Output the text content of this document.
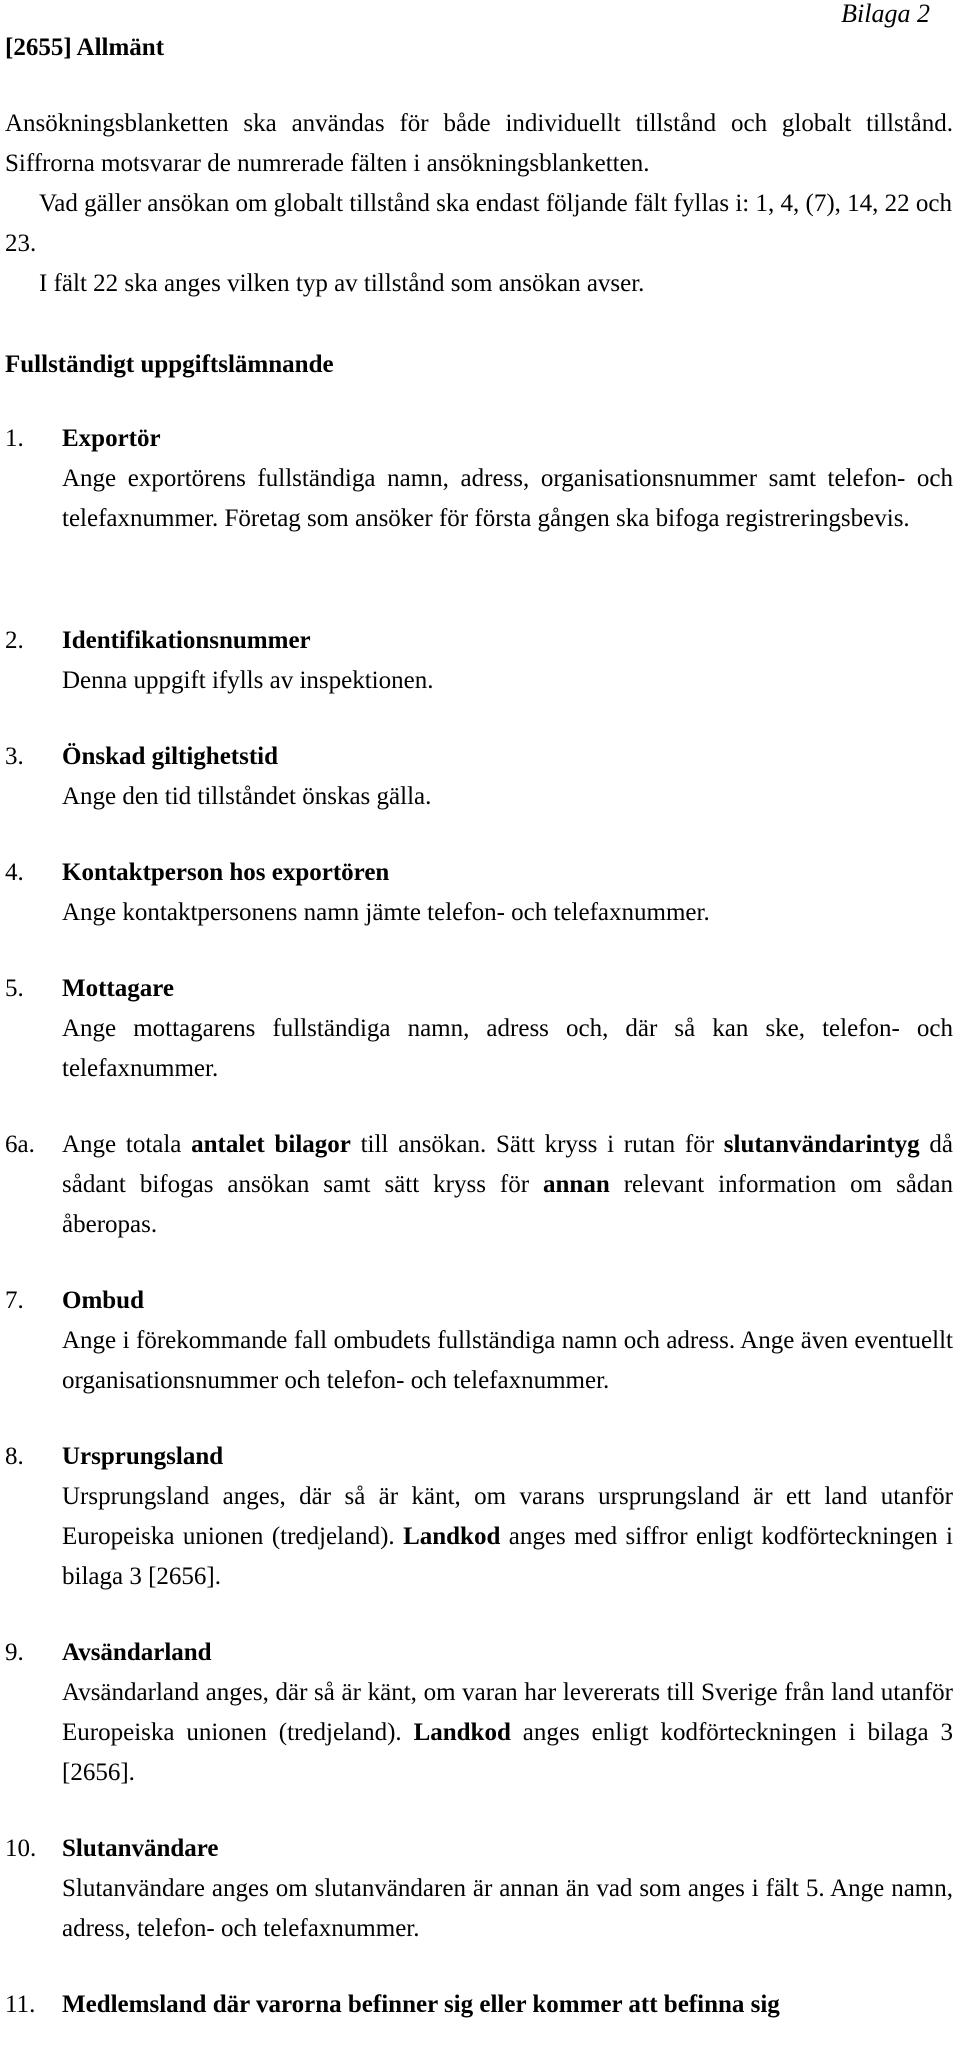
Bilaga 2
[2655] Allmänt

Ansökningsblanketten ska användas för både individuellt tillstånd och globalt tillstånd. Siffrorna motsvarar de numrerade fälten i ansökningsblanketten.

Vad gäller ansökan om globalt tillstånd ska endast följande fält fyllas i: 1, 4, (7), 14, 22 och 23.

I fält 22 ska anges vilken typ av tillstånd som ansökan avser.

Fullständigt uppgiftslämnande
1.	Exportör
Ange exportörens fullständiga namn, adress, organisationsnummer samt telefon- och telefaxnummer. Företag som ansöker för första gången ska bifoga registreringsbevis.
2.	Identifikationsnummer
Denna uppgift ifylls av inspektionen.
3.	Önskad giltighetstid
Ange den tid tillståndet önskas gälla.
4.	Kontaktperson hos exportören
Ange kontaktpersonens namn jämte telefon- och telefaxnummer.
5.	Mottagare
Ange mottagarens fullständiga namn, adress och, där så kan ske, telefon- och telefaxnummer.
6a.	Ange totala antalet bilagor till ansökan. Sätt kryss i rutan för slutanvändarintyg då sådant bifogas ansökan samt sätt kryss för annan relevant information om sådan åberopas.
7.	Ombud
Ange i förekommande fall ombudets fullständiga namn och adress. Ange även eventuellt organisationsnummer och telefon- och telefaxnummer.
8.	Ursprungsland
Ursprungsland anges, där så är känt, om varans ursprungsland är ett land utanför Europeiska unionen (tredjeland). Landkod anges med siffror enligt kodförteckningen i bilaga 3 [2656].
9.	Avsändarland
Avsändarland anges, där så är känt, om varan har levererats till Sverige från land utanför Europeiska unionen (tredjeland). Landkod anges enligt kodförteckningen i bilaga 3 [2656].
10.	Slutanvändare
Slutanvändare anges om slutanvändaren är annan än vad som anges i fält 5. Ange namn, adress, telefon- och telefaxnummer.
11.	Medlemsland där varorna befinner sig eller kommer att befinna sig
